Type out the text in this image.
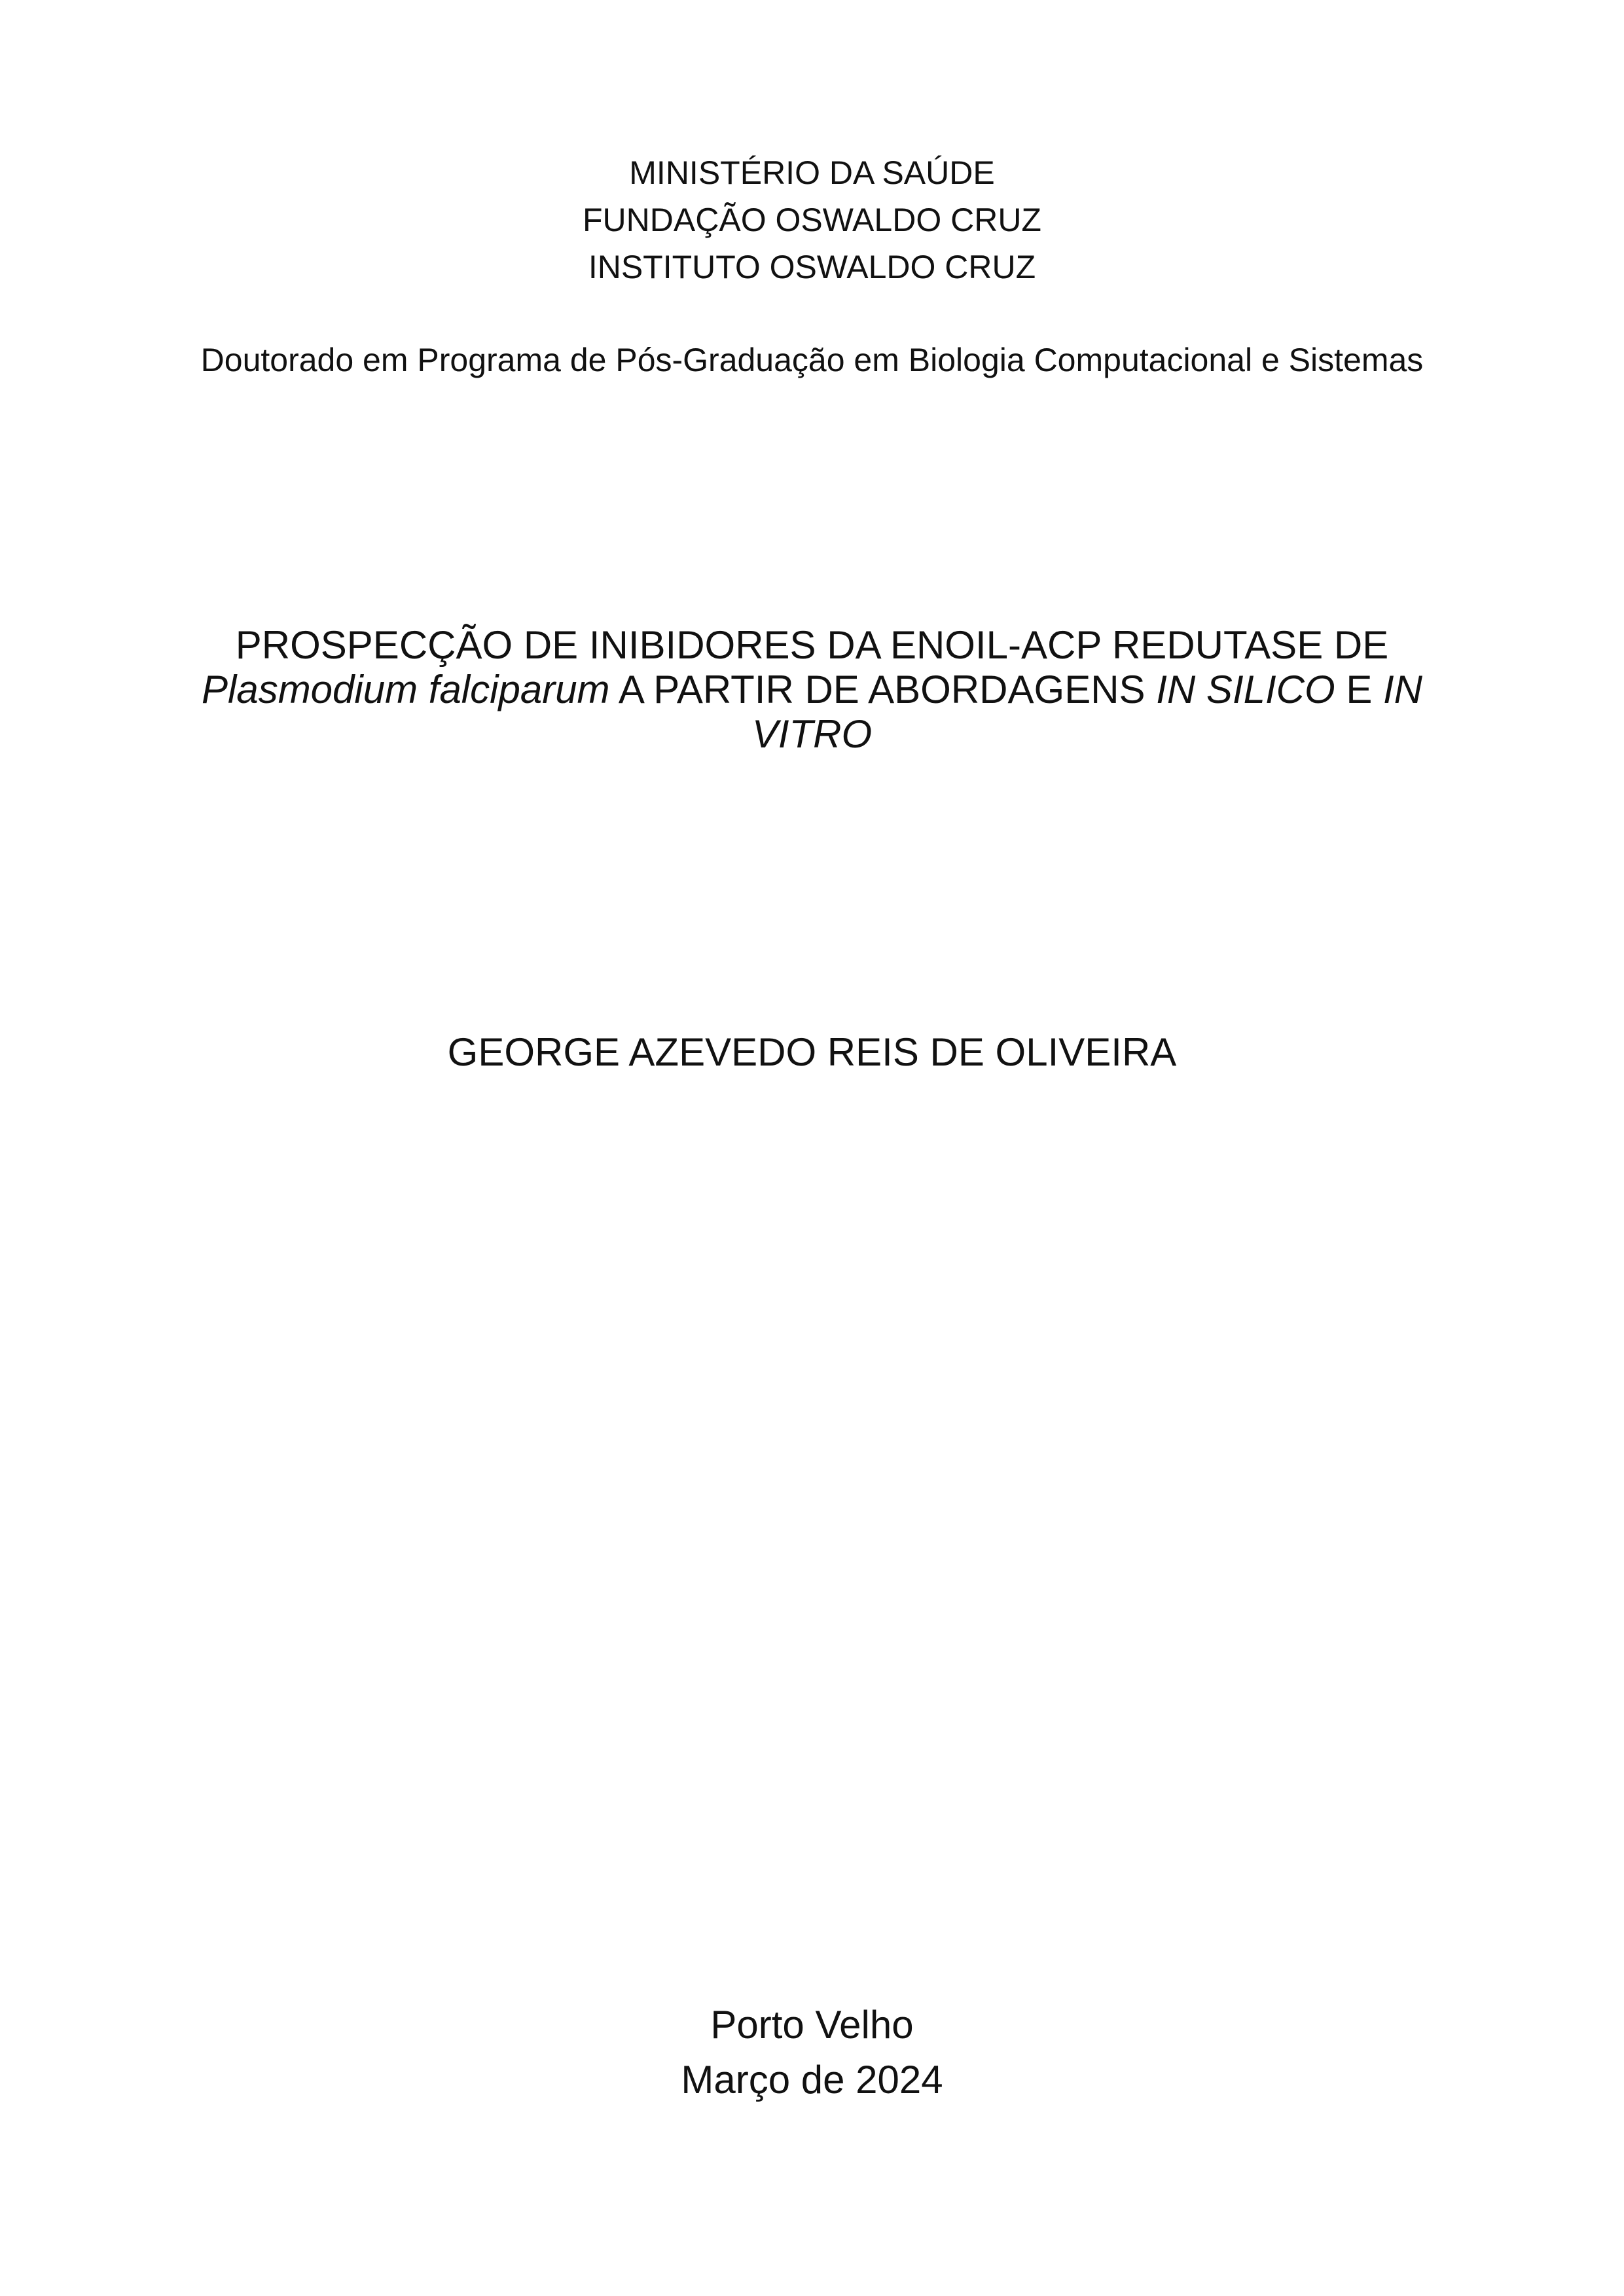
MINISTÉRIO DA SAÚDE
FUNDAÇÃO OSWALDO CRUZ
INSTITUTO OSWALDO CRUZ
Doutorado em Programa de Pós-Graduação em Biologia Computacional e Sistemas
PROSPECÇÃO DE INIBIDORES DA ENOIL-ACP REDUTASE DE
Plasmodium falciparum A PARTIR DE ABORDAGENS IN SILICO E IN
VITRO
GEORGE AZEVEDO REIS DE OLIVEIRA
Porto Velho
Março de 2024
